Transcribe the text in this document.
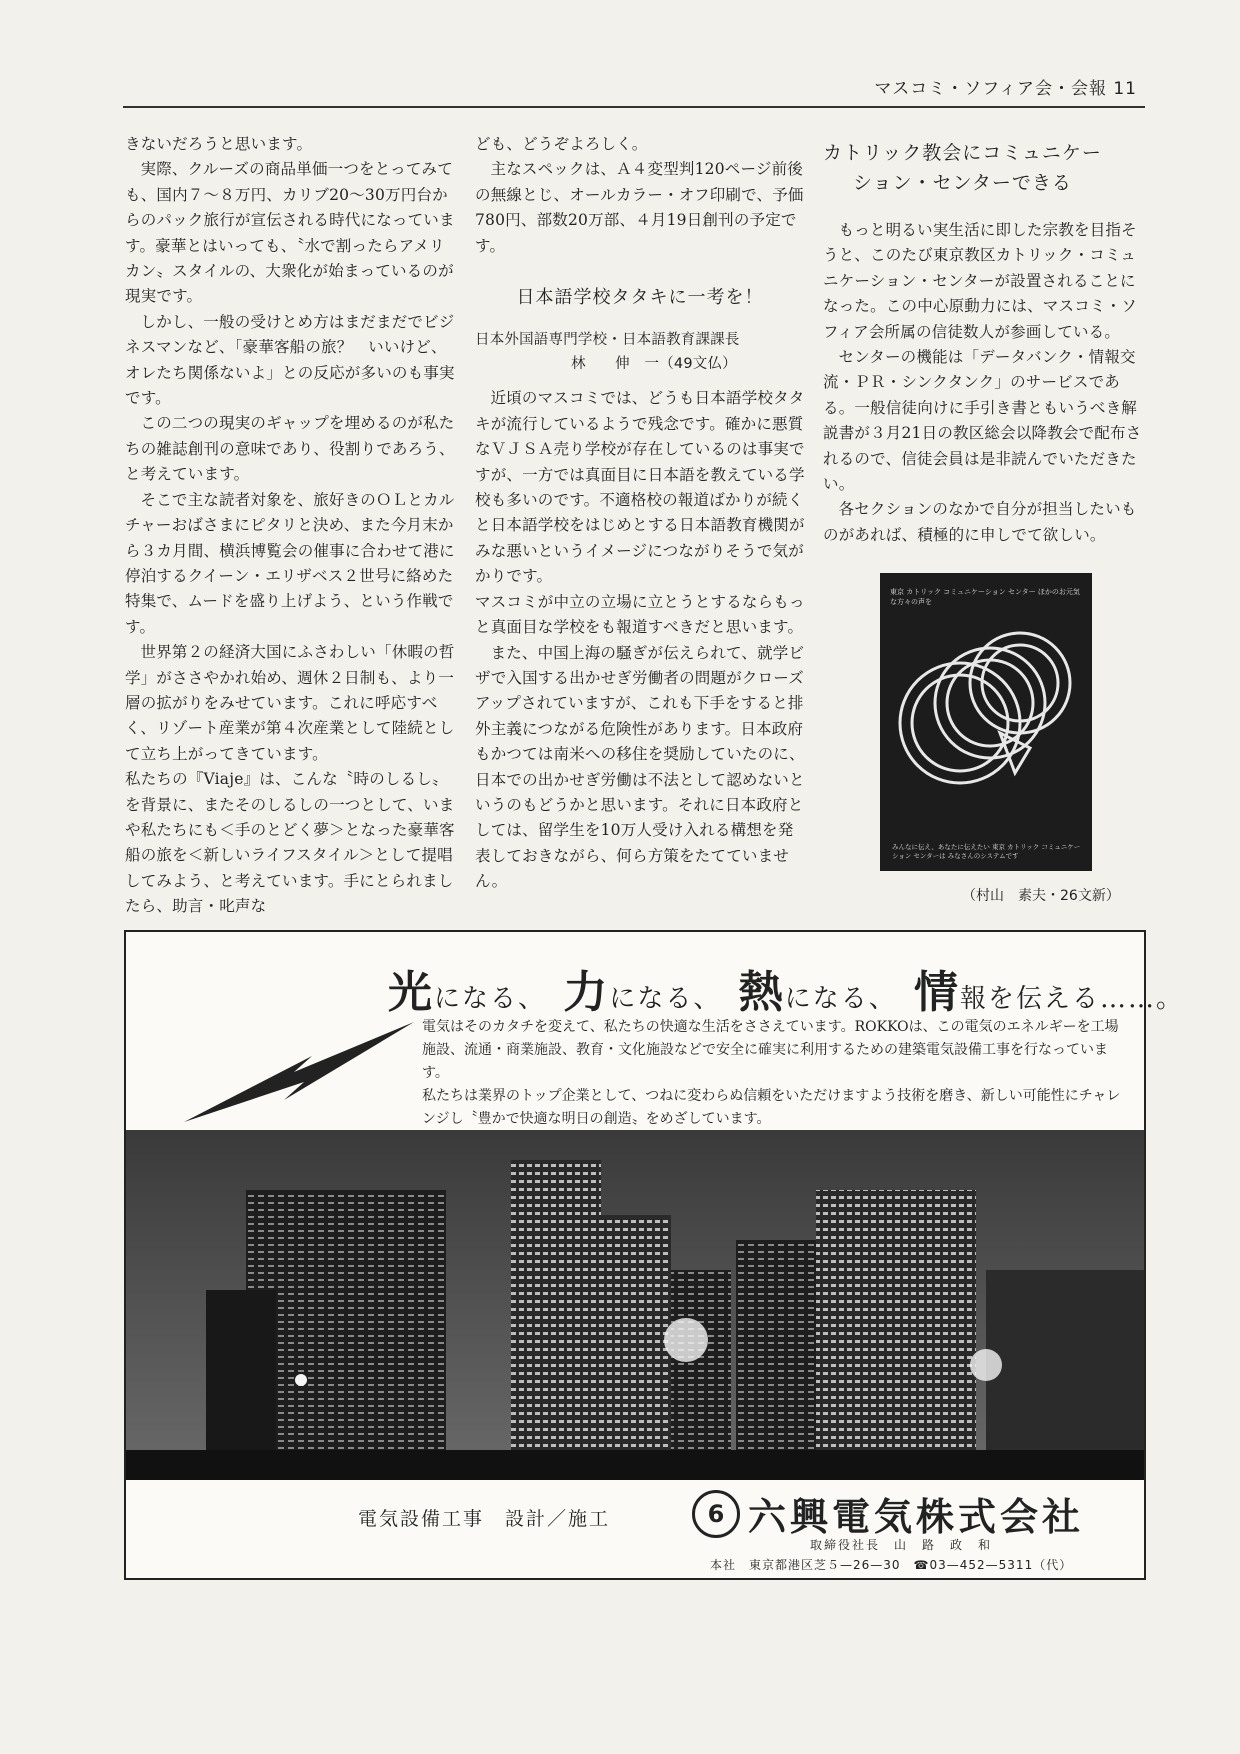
マスコミ・ソフィア会・会報 11

きないだろうと思います。

実際、クルーズの商品単価一つをとってみても、国内７〜８万円、カリブ20〜30万円台からのパック旅行が宣伝される時代になっています。豪華とはいっても、〝水で割ったらアメリカン〟スタイルの、大衆化が始まっているのが現実です。

しかし、一般の受けとめ方はまだまだでビジネスマンなど、「豪華客船の旅？　いいけど、オレたち関係ないよ」との反応が多いのも事実です。

この二つの現実のギャップを埋めるのが私たちの雑誌創刊の意味であり、役割りであろう、と考えています。

そこで主な読者対象を、旅好きのＯＬとカルチャーおばさまにピタリと決め、また今月末から３カ月間、横浜博覧会の催事に合わせて港に停泊するクイーン・エリザベス２世号に絡めた特集で、ムードを盛り上げよう、という作戦です。

世界第２の経済大国にふさわしい「休暇の哲学」がささやかれ始め、週休２日制も、より一層の拡がりをみせています。これに呼応すべく、リゾート産業が第４次産業として陸続として立ち上がってきています。

私たちの『Viaje』は、こんな〝時のしるし〟を背景に、またそのしるしの一つとして、いまや私たちにも＜手のとどく夢＞となった豪華客船の旅を＜新しいライフスタイル＞として提唱してみよう、と考えています。手にとられましたら、助言・叱声な

ども、どうぞよろしく。

主なスペックは、Ａ４変型判120ページ前後の無線とじ、オールカラー・オフ印刷で、予価780円、部数20万部、４月19日創刊の予定です。

日本語学校タタキに一考を！
日本外国語専門学校・日本語教育課課長
林　　伸　一（49文仏）

近頃のマスコミでは、どうも日本語学校タタキが流行しているようで残念です。確かに悪質なＶＪＳＡ売り学校が存在しているのは事実ですが、一方では真面目に日本語を教えている学校も多いのです。不適格校の報道ばかりが続くと日本語学校をはじめとする日本語教育機関がみな悪いというイメージにつながりそうで気がかりです。

マスコミが中立の立場に立とうとするならもっと真面目な学校をも報道すべきだと思います。

また、中国上海の騒ぎが伝えられて、就学ビザで入国する出かせぎ労働者の問題がクローズアップされていますが、これも下手をすると排外主義につながる危険性があります。日本政府もかつては南米への移住を奨励していたのに、日本での出かせぎ労働は不法として認めないというのもどうかと思います。それに日本政府としては、留学生を10万人受け入れる構想を発表しておきながら、何ら方策をたてていません。

カトリック教会にコミュニケー
ション・センターできる

もっと明るい実生活に即した宗教を目指そうと、このたび東京教区カトリック・コミュニケーション・センターが設置されることになった。この中心原動力には、マスコミ・ソフィア会所属の信徒数人が参画している。

センターの機能は「データバンク・情報交流・ＰＲ・シンクタンク」のサービスである。一般信徒向けに手引き書ともいうべき解説書が３月21日の教区総会以降教会で配布されるので、信徒会員は是非読んでいただきたい。

各セクションのなかで自分が担当したいものがあれば、積極的に申しでて欲しい。

東京 カトリック コミュニケーション センター ほかのお元気な方々の声を
みんなに伝え、あなたに伝えたい 東京 カトリック コミュニケーション センターは みなさんのシステムです
（村山　素夫・26文新）
光になる、 力になる、 熱になる、 情報を伝える……。
電気はそのカタチを変えて、私たちの快適な生活をささえています。ROKKOは、この電気のエネルギーを工場施設、流通・商業施設、教育・文化施設などで安全に確実に利用するための建築電気設備工事を行なっています。
私たちは業界のトップ企業として、つねに変わらぬ信頼をいただけますよう技術を磨き、新しい可能性にチャレンジし〝豊かで快適な明日の創造〟をめざしています。
電気設備工事　設計／施工	6 六興電気株式会社
取締役社長　山　路　政　和
本社　東京都港区芝５—26—30　☎03—452—5311（代）
